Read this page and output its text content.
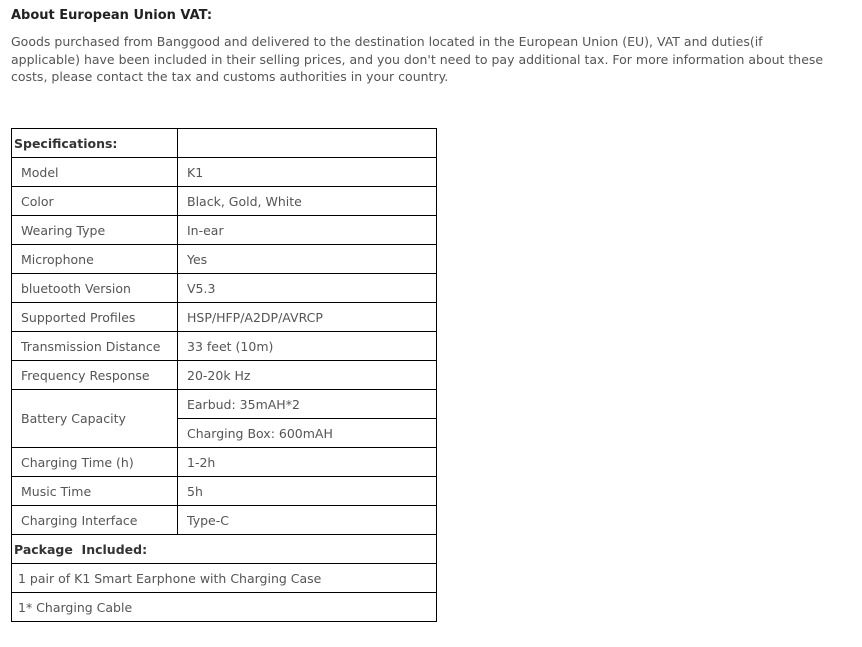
About European Union VAT:

Goods purchased from Banggood and delivered to the destination located in the European Union (EU), VAT and duties(if applicable) have been included in their selling prices, and you don't need to pay additional tax. For more information about these costs, please contact the tax and customs authorities in your country.

Specifications:	
Model	K1
Color	Black, Gold, White
Wearing Type	In-ear
Microphone	Yes
bluetooth Version	V5.3
Supported Profiles	HSP/HFP/A2DP/AVRCP
Transmission Distance	33 feet (10m)
Frequency Response	20-20k Hz
Battery Capacity	Earbud: 35mAH*2
	Charging Box: 600mAH
Charging Time (h)	1-2h
Music Time	5h
Charging Interface	Type-C
Package  Included:	
1 pair of K1 Smart Earphone with Charging Case	
1* Charging Cable	
